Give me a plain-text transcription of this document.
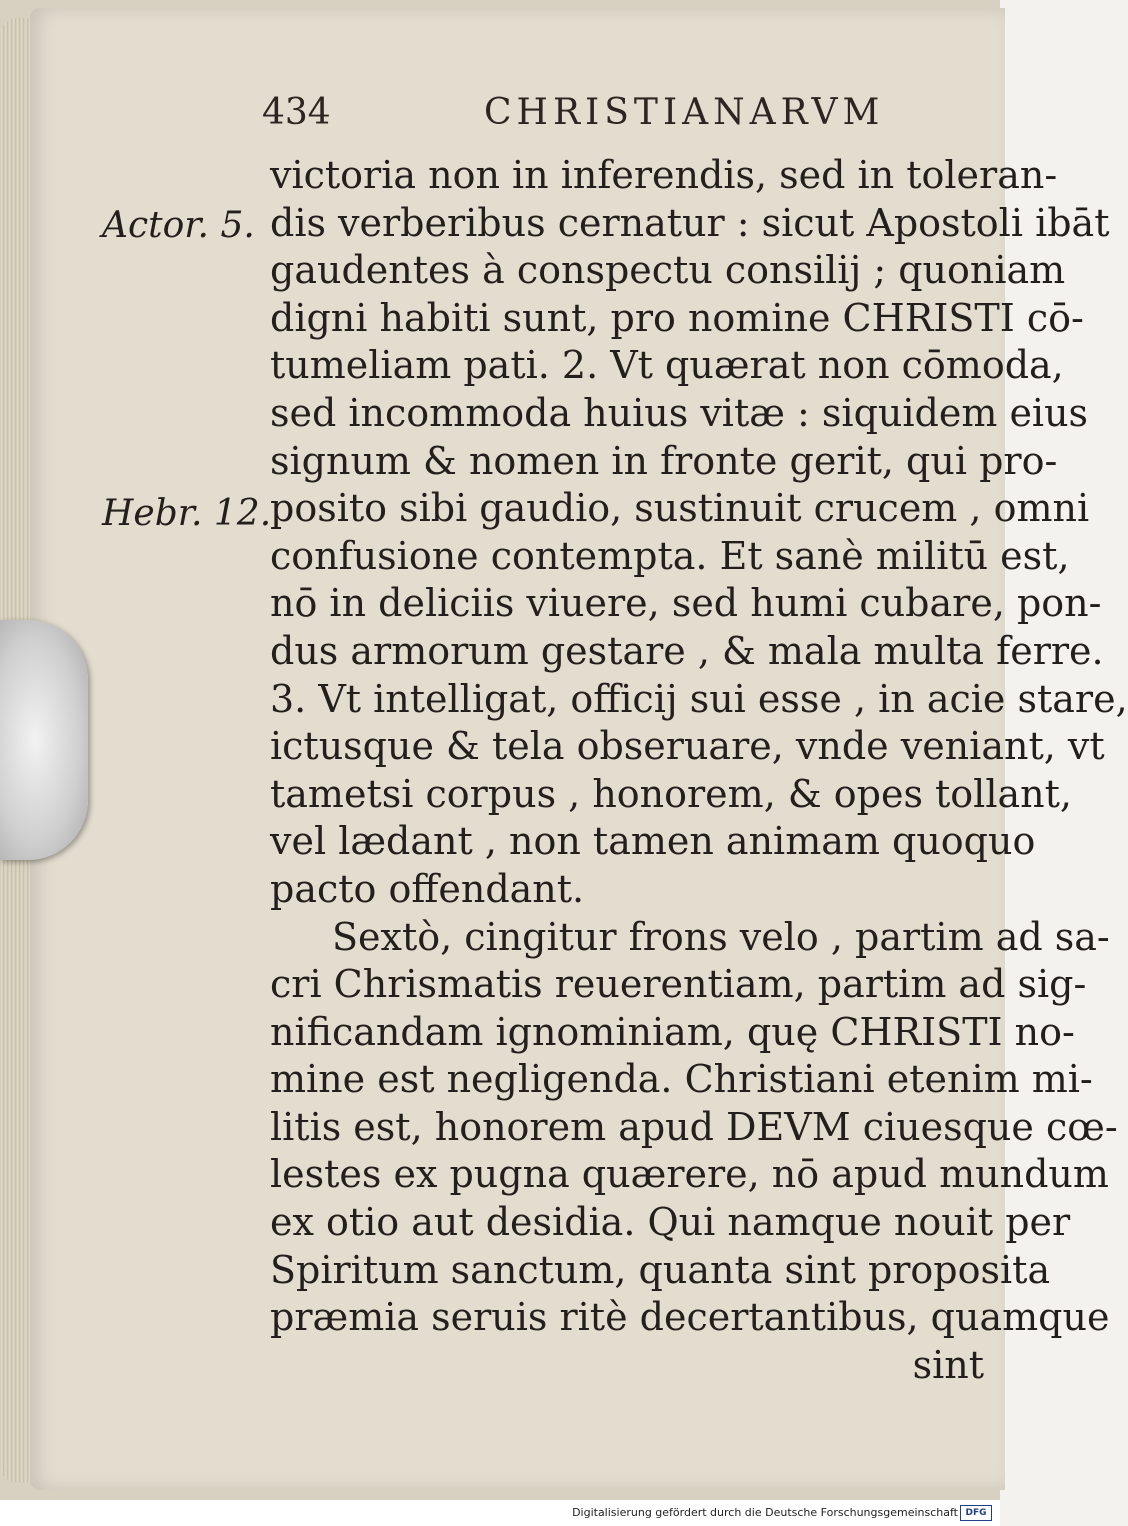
434	CHRISTIANARVM
Actor. 5.
Hebr. 12.
victoria non in inferendis, sed in toleran-
dis verberibus cernatur : sicut Apostoli ibāt
gaudentes à conspectu consilij ; quoniam
digni habiti sunt, pro nomine CHRISTI cō-
tumeliam pati. 2. Vt quærat non cōmoda,
sed incommoda huius vitæ : siquidem eius
signum & nomen in fronte gerit, qui pro-
posito sibi gaudio, sustinuit crucem , omni
confusione contempta. Et sanè militū est,
nō in deliciis viuere, sed humi cubare, pon-
dus armorum gestare , & mala multa ferre.
3. Vt intelligat, officij sui esse , in acie stare,
ictusque & tela obseruare, vnde veniant, vt
tametsi corpus , honorem, & opes tollant,
vel lædant , non tamen animam quoquo
pacto offendant.
Sextò, cingitur frons velo , partim ad sa-
cri Chrismatis reuerentiam, partim ad sig-
nificandam ignominiam, quę CHRISTI no-
mine est negligenda. Christiani etenim mi-
litis est, honorem apud DEVM ciuesque cœ-
lestes ex pugna quærere, nō apud mundum
ex otio aut desidia. Qui namque nouit per
Spiritum sanctum, quanta sint proposita
præmia seruis ritè decertantibus, quamque
sint
Digitalisierung gefördert durch die Deutsche Forschungsgemeinschaft DFG
